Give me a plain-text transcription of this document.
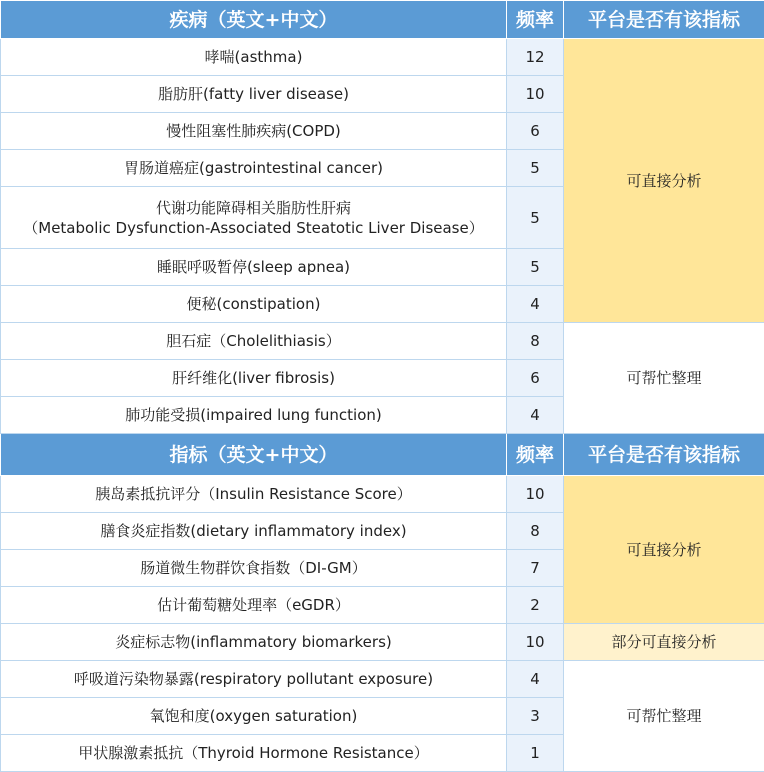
疾病（英文+中文）	频率	平台是否有该指标

哮喘(asthma)	12	可直接分析

脂肪肝(fatty liver disease)	10	

慢性阻塞性肺疾病(COPD)	6	

胃肠道癌症(gastrointestinal cancer)	5	

代谢功能障碍相关脂肪性肝病
（Metabolic Dysfunction-Associated Steatotic Liver Disease）	5	

睡眠呼吸暂停(sleep apnea)	5	

便秘(constipation)	4	

胆石症（Cholelithiasis）	8	可帮忙整理

肝纤维化(liver fibrosis)	6	

肺功能受损(impaired lung function)	4	
指标（英文+中文）	频率	平台是否有该指标

胰岛素抵抗评分（Insulin Resistance Score）	10	可直接分析

膳食炎症指数(dietary inflammatory index)	8	

肠道微生物群饮食指数（DI-GM）	7	

估计葡萄糖处理率（eGDR）	2	

炎症标志物(inflammatory biomarkers)	10	部分可直接分析

呼吸道污染物暴露(respiratory pollutant exposure)	4	可帮忙整理

氧饱和度(oxygen saturation)	3	

甲状腺激素抵抗（Thyroid Hormone Resistance）	1	
